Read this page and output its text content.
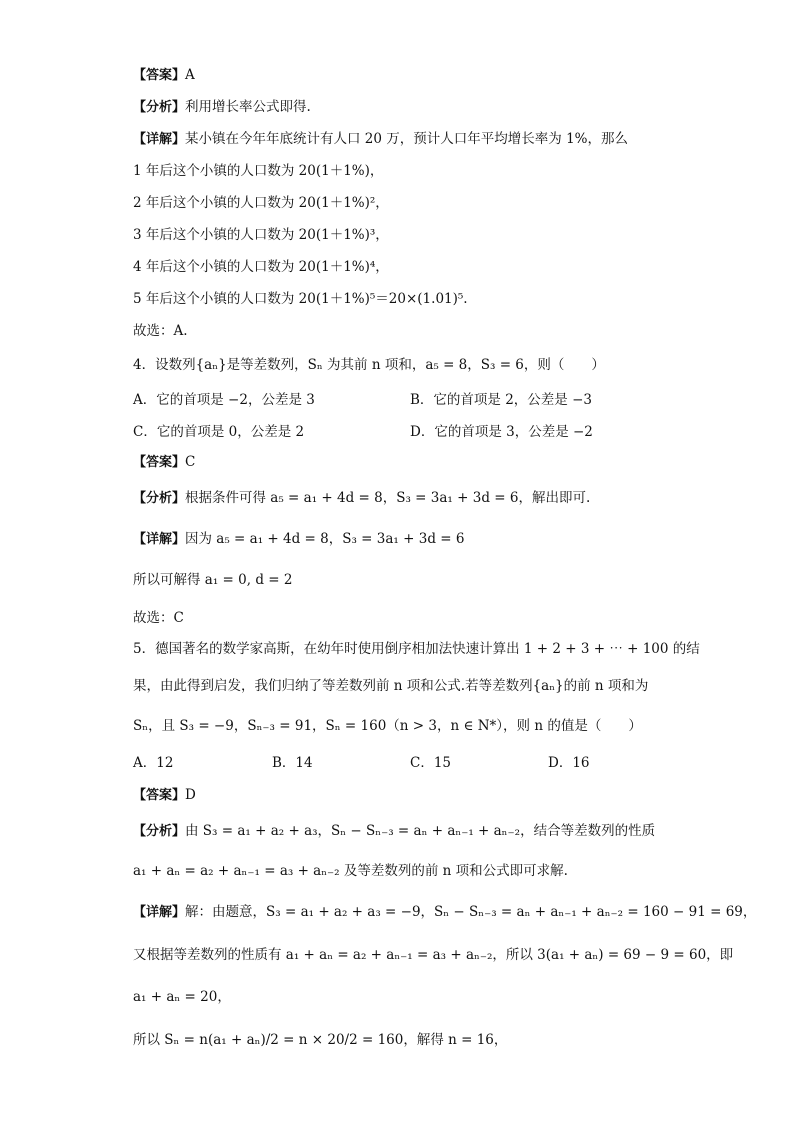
【答案】A
【分析】利用增长率公式即得.
【详解】某小镇在今年年底统计有人口 20 万，预计人口年平均增长率为 1%，那么
1 年后这个小镇的人口数为 20(1＋1%)，
2 年后这个小镇的人口数为 20(1＋1%)²，
3 年后这个小镇的人口数为 20(1＋1%)³，
4 年后这个小镇的人口数为 20(1＋1%)⁴，
5 年后这个小镇的人口数为 20(1＋1%)⁵＝20×(1.01)⁵.
故选：A.
4．设数列{aₙ}是等差数列，Sₙ 为其前 n 项和，a₅ = 8，S₃ = 6，则（　　）
A．它的首项是 −2，公差是 3	B．它的首项是 2，公差是 −3
C．它的首项是 0，公差是 2	D．它的首项是 3，公差是 −2
【答案】C
【分析】根据条件可得 a₅ = a₁ + 4d = 8，S₃ = 3a₁ + 3d = 6，解出即可.
【详解】因为 a₅ = a₁ + 4d = 8，S₃ = 3a₁ + 3d = 6
所以可解得 a₁ = 0, d = 2
故选：C
5．德国著名的数学家高斯，在幼年时使用倒序相加法快速计算出 1 + 2 + 3 + ⋯ + 100 的结
果，由此得到启发，我们归纳了等差数列前 n 项和公式.若等差数列{aₙ}的前 n 项和为
Sₙ，且 S₃ = −9，Sₙ₋₃ = 91，Sₙ = 160（n > 3，n ∈ N*），则 n 的值是（　　）
A．12	B．14	C．15	D．16
【答案】D
【分析】由 S₃ = a₁ + a₂ + a₃，Sₙ − Sₙ₋₃ = aₙ + aₙ₋₁ + aₙ₋₂，结合等差数列的性质
a₁ + aₙ = a₂ + aₙ₋₁ = a₃ + aₙ₋₂ 及等差数列的前 n 项和公式即可求解.
【详解】解：由题意，S₃ = a₁ + a₂ + a₃ = −9，Sₙ − Sₙ₋₃ = aₙ + aₙ₋₁ + aₙ₋₂ = 160 − 91 = 69，
又根据等差数列的性质有 a₁ + aₙ = a₂ + aₙ₋₁ = a₃ + aₙ₋₂，所以 3(a₁ + aₙ) = 69 − 9 = 60，即
a₁ + aₙ = 20，
所以 Sₙ = n(a₁ + aₙ)/2 = n × 20/2 = 160，解得 n = 16，
